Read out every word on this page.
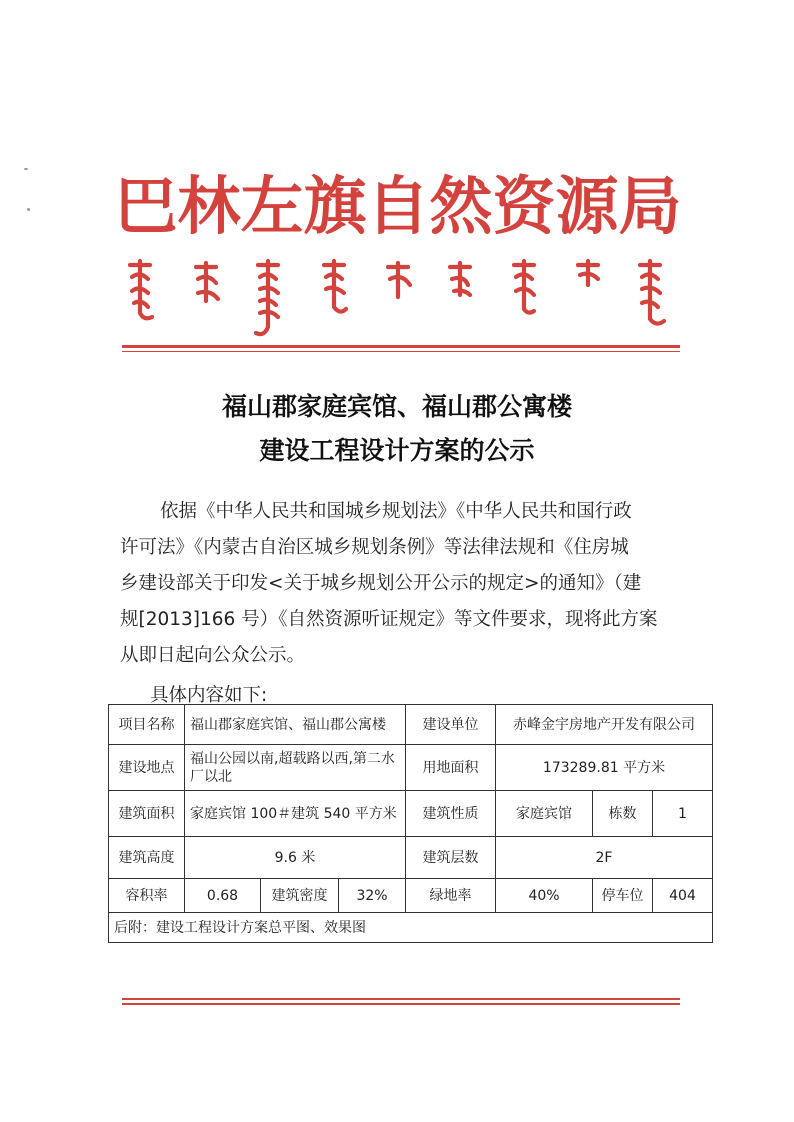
巴林左旗自然资源局
福山郡家庭宾馆、福山郡公寓楼
建设工程设计方案的公示
依据《中华人民共和国城乡规划法》《中华人民共和国行政
许可法》《内蒙古自治区城乡规划条例》等法律法规和《住房城
乡建设部关于印发<关于城乡规划公开公示的规定>的通知》（建
规[2013]166 号）《自然资源听证规定》等文件要求，现将此方案
从即日起向公众公示。
具体内容如下:
项目名称	福山郡家庭宾馆、福山郡公寓楼			建设单位	赤峰金宇房地产开发有限公司		
建设地点	福山公园以南,超载路以西,第二水厂以北			用地面积	173289.81 平方米		
建筑面积	家庭宾馆 100＃建筑 540 平方米			建筑性质	家庭宾馆	栋数	1
建筑高度	9.6 米			建筑层数	2F		
容积率	0.68	建筑密度	32%	绿地率	40%	停车位	404
后附：建设工程设计方案总平图、效果图							
